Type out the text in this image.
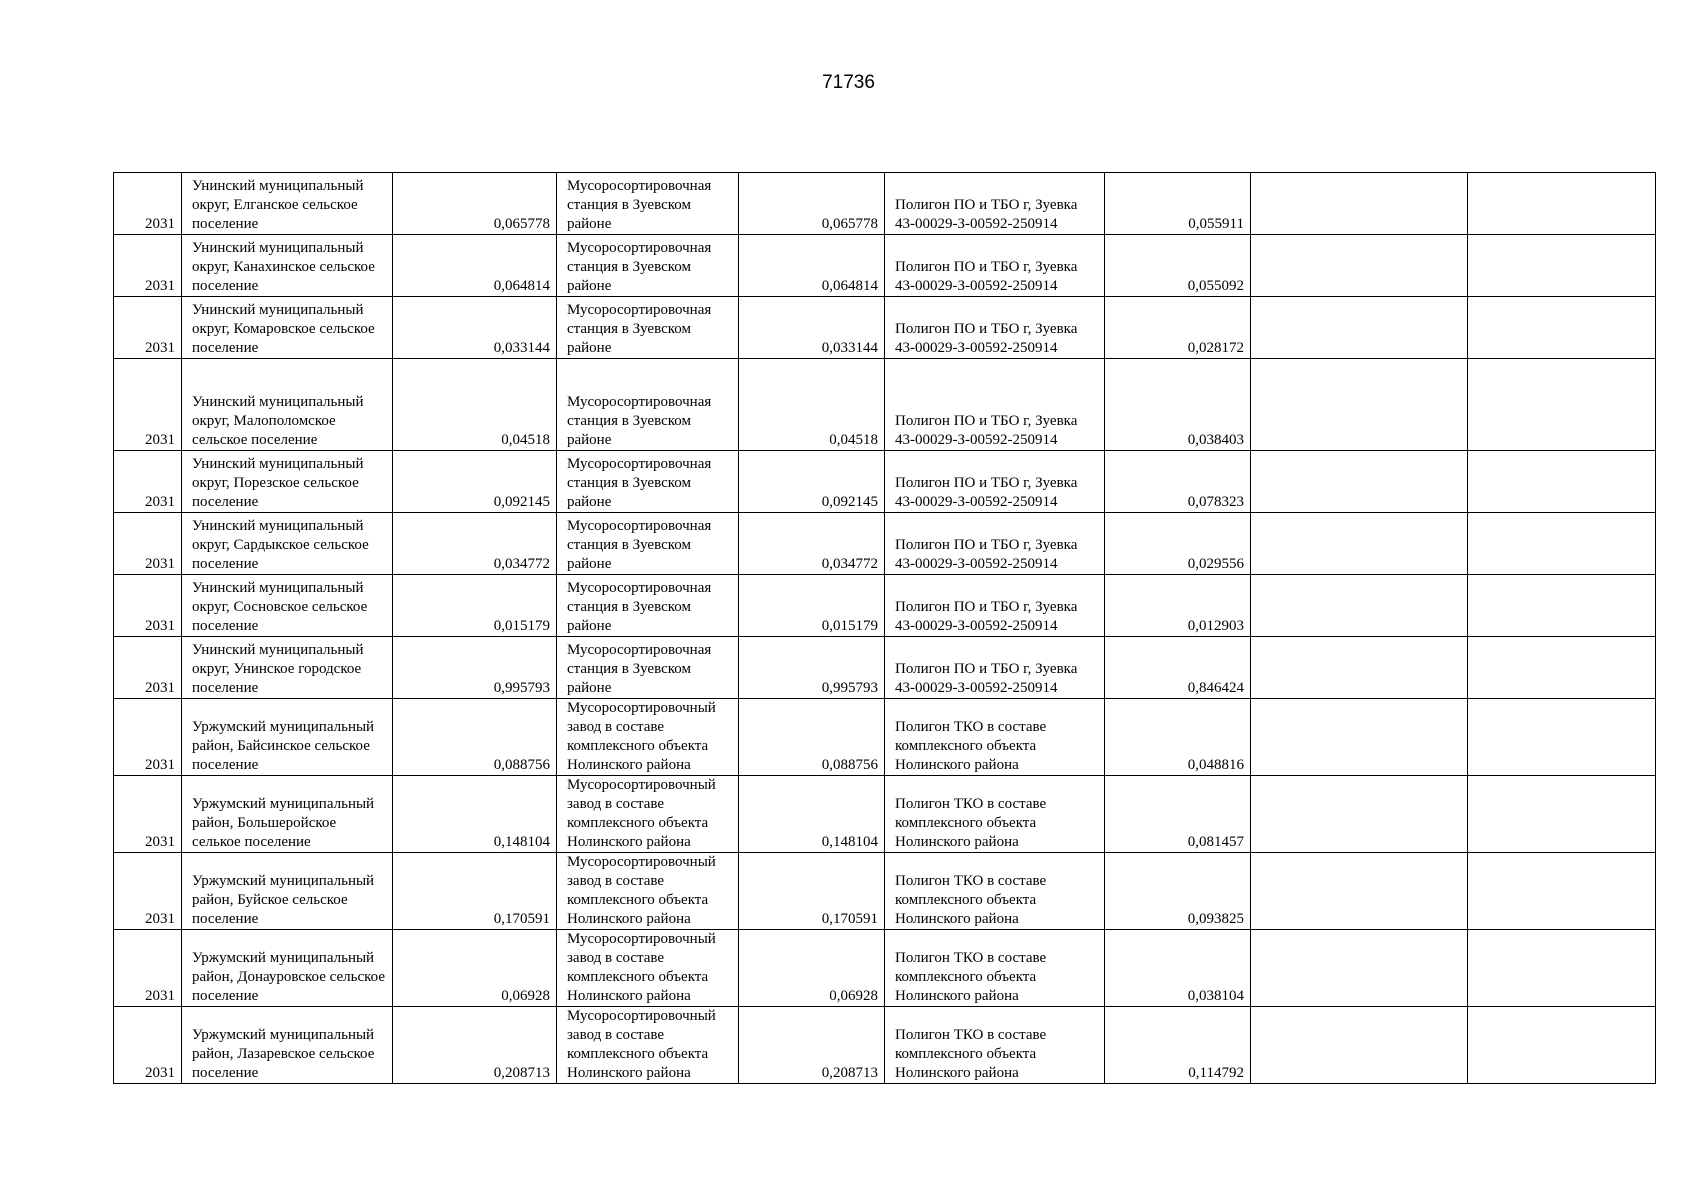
71736
2031	Унинский муниципальный округ, Елганское сельское поселение	0,065778	Мусоросортировочная станция в Зуевском районе	0,065778	Полигон ПО и ТБО г, Зуевка 43-00029-З-00592-250914	0,055911		
2031	Унинский муниципальный округ, Канахинское сельское поселение	0,064814	Мусоросортировочная станция в Зуевском районе	0,064814	Полигон ПО и ТБО г, Зуевка 43-00029-З-00592-250914	0,055092		
2031	Унинский муниципальный округ, Комаровское сельское поселение	0,033144	Мусоросортировочная станция в Зуевском районе	0,033144	Полигон ПО и ТБО г, Зуевка 43-00029-З-00592-250914	0,028172		
2031	Унинский муниципальный округ, Малополомское сельское поселение	0,04518	Мусоросортировочная станция в Зуевском районе	0,04518	Полигон ПО и ТБО г, Зуевка 43-00029-З-00592-250914	0,038403		
2031	Унинский муниципальный округ, Порезское сельское поселение	0,092145	Мусоросортировочная станция в Зуевском районе	0,092145	Полигон ПО и ТБО г, Зуевка 43-00029-З-00592-250914	0,078323		
2031	Унинский муниципальный округ, Сардыкское сельское поселение	0,034772	Мусоросортировочная станция в Зуевском районе	0,034772	Полигон ПО и ТБО г, Зуевка 43-00029-З-00592-250914	0,029556		
2031	Унинский муниципальный округ, Сосновское сельское поселение	0,015179	Мусоросортировочная станция в Зуевском районе	0,015179	Полигон ПО и ТБО г, Зуевка 43-00029-З-00592-250914	0,012903		
2031	Унинский муниципальный округ, Унинское городское поселение	0,995793	Мусоросортировочная станция в Зуевском районе	0,995793	Полигон ПО и ТБО г, Зуевка 43-00029-З-00592-250914	0,846424		
2031	Уржумский муниципальный район, Байсинское сельское поселение	0,088756	Мусоросортировочный завод в составе комплексного объекта Нолинского района	0,088756	Полигон ТКО в составе комплексного объекта Нолинского района	0,048816		
2031	Уржумский муниципальный район, Большеройское селькое поселение	0,148104	Мусоросортировочный завод в составе комплексного объекта Нолинского района	0,148104	Полигон ТКО в составе комплексного объекта Нолинского района	0,081457		
2031	Уржумский муниципальный район, Буйское сельское поселение	0,170591	Мусоросортировочный завод в составе комплексного объекта Нолинского района	0,170591	Полигон ТКО в составе комплексного объекта Нолинского района	0,093825		
2031	Уржумский муниципальный район, Донауровское сельское поселение	0,06928	Мусоросортировочный завод в составе комплексного объекта Нолинского района	0,06928	Полигон ТКО в составе комплексного объекта Нолинского района	0,038104		
2031	Уржумский муниципальный район, Лазаревское сельское поселение	0,208713	Мусоросортировочный завод в составе комплексного объекта Нолинского района	0,208713	Полигон ТКО в составе комплексного объекта Нолинского района	0,114792		
